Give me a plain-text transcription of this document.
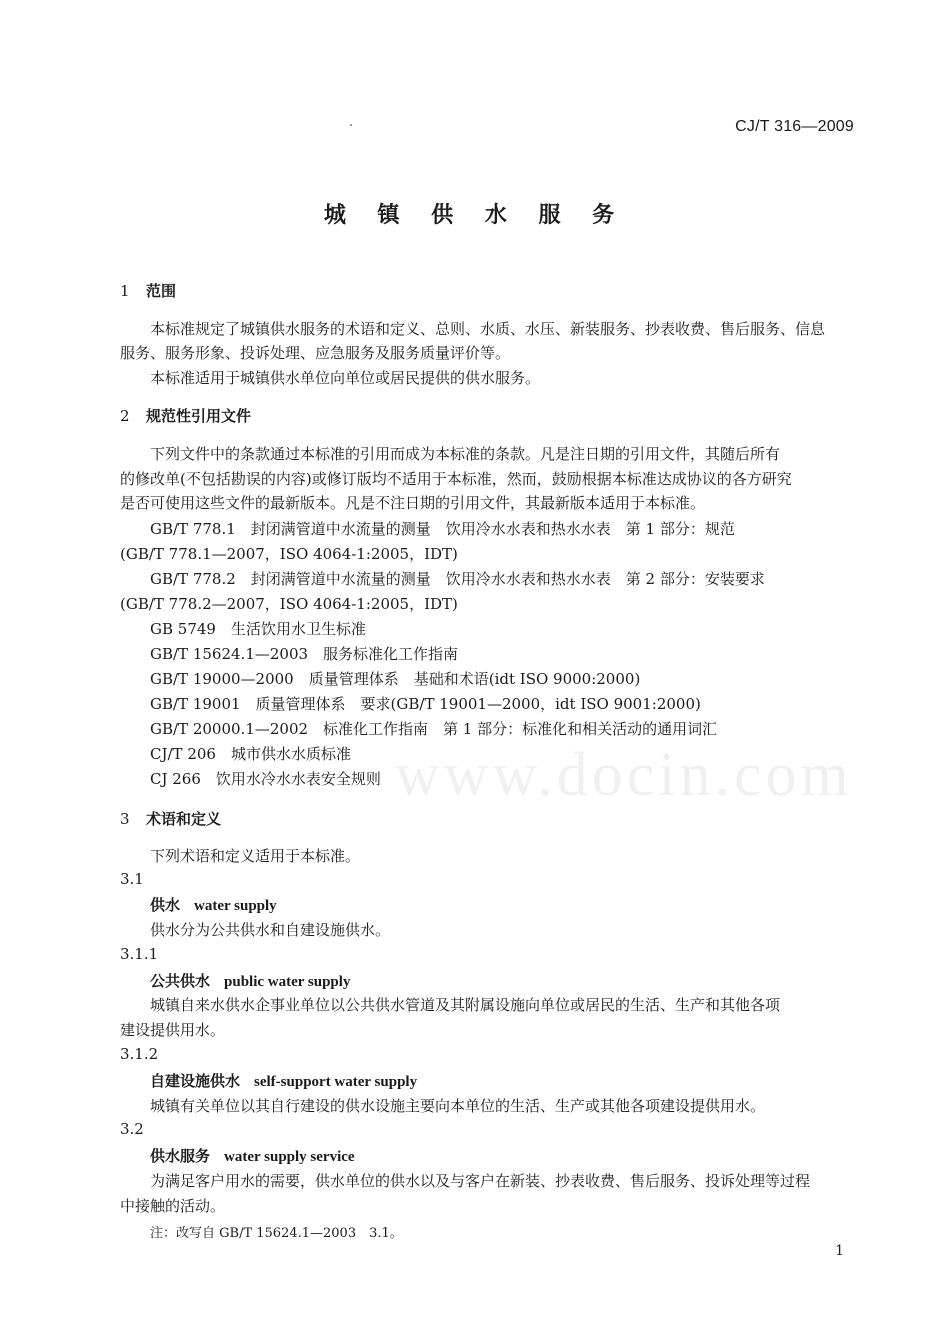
www.docin.com
CJ/T 316—2009
城 镇 供 水 服 务
1 范围
本标准规定了城镇供水服务的术语和定义、总则、水质、水压、新装服务、抄表收费、售后服务、信息
服务、服务形象、投诉处理、应急服务及服务质量评价等。
本标准适用于城镇供水单位向单位或居民提供的供水服务。
2 规范性引用文件
下列文件中的条款通过本标准的引用而成为本标准的条款。凡是注日期的引用文件，其随后所有
的修改单(不包括勘误的内容)或修订版均不适用于本标准，然而，鼓励根据本标准达成协议的各方研究
是否可使用这些文件的最新版本。凡是不注日期的引用文件，其最新版本适用于本标准。
GB/T 778.1　封闭满管道中水流量的测量　饮用冷水水表和热水水表　第 1 部分：规范
(GB/T 778.1—2007，ISO 4064-1:2005，IDT)
GB/T 778.2　封闭满管道中水流量的测量　饮用冷水水表和热水水表　第 2 部分：安装要求
(GB/T 778.2—2007，ISO 4064-1:2005，IDT)
GB 5749　生活饮用水卫生标准
GB/T 15624.1—2003　服务标准化工作指南
GB/T 19000—2000　质量管理体系　基础和术语(idt ISO 9000:2000)
GB/T 19001　质量管理体系　要求(GB/T 19001—2000，idt ISO 9001:2000)
GB/T 20000.1—2002　标准化工作指南　第 1 部分：标准化和相关活动的通用词汇
CJ/T 206　城市供水水质标准
CJ 266　饮用水冷水水表安全规则
3 术语和定义
下列术语和定义适用于本标准。
3.1
供水 water supply
供水分为公共供水和自建设施供水。
3.1.1
公共供水 public water supply
城镇自来水供水企事业单位以公共供水管道及其附属设施向单位或居民的生活、生产和其他各项
建设提供用水。
3.1.2
自建设施供水 self-support water supply
城镇有关单位以其自行建设的供水设施主要向本单位的生活、生产或其他各项建设提供用水。
3.2
供水服务 water supply service
为满足客户用水的需要，供水单位的供水以及与客户在新装、抄表收费、售后服务、投诉处理等过程
中接触的活动。
注：改写自 GB/T 15624.1—2003　3.1。
1
